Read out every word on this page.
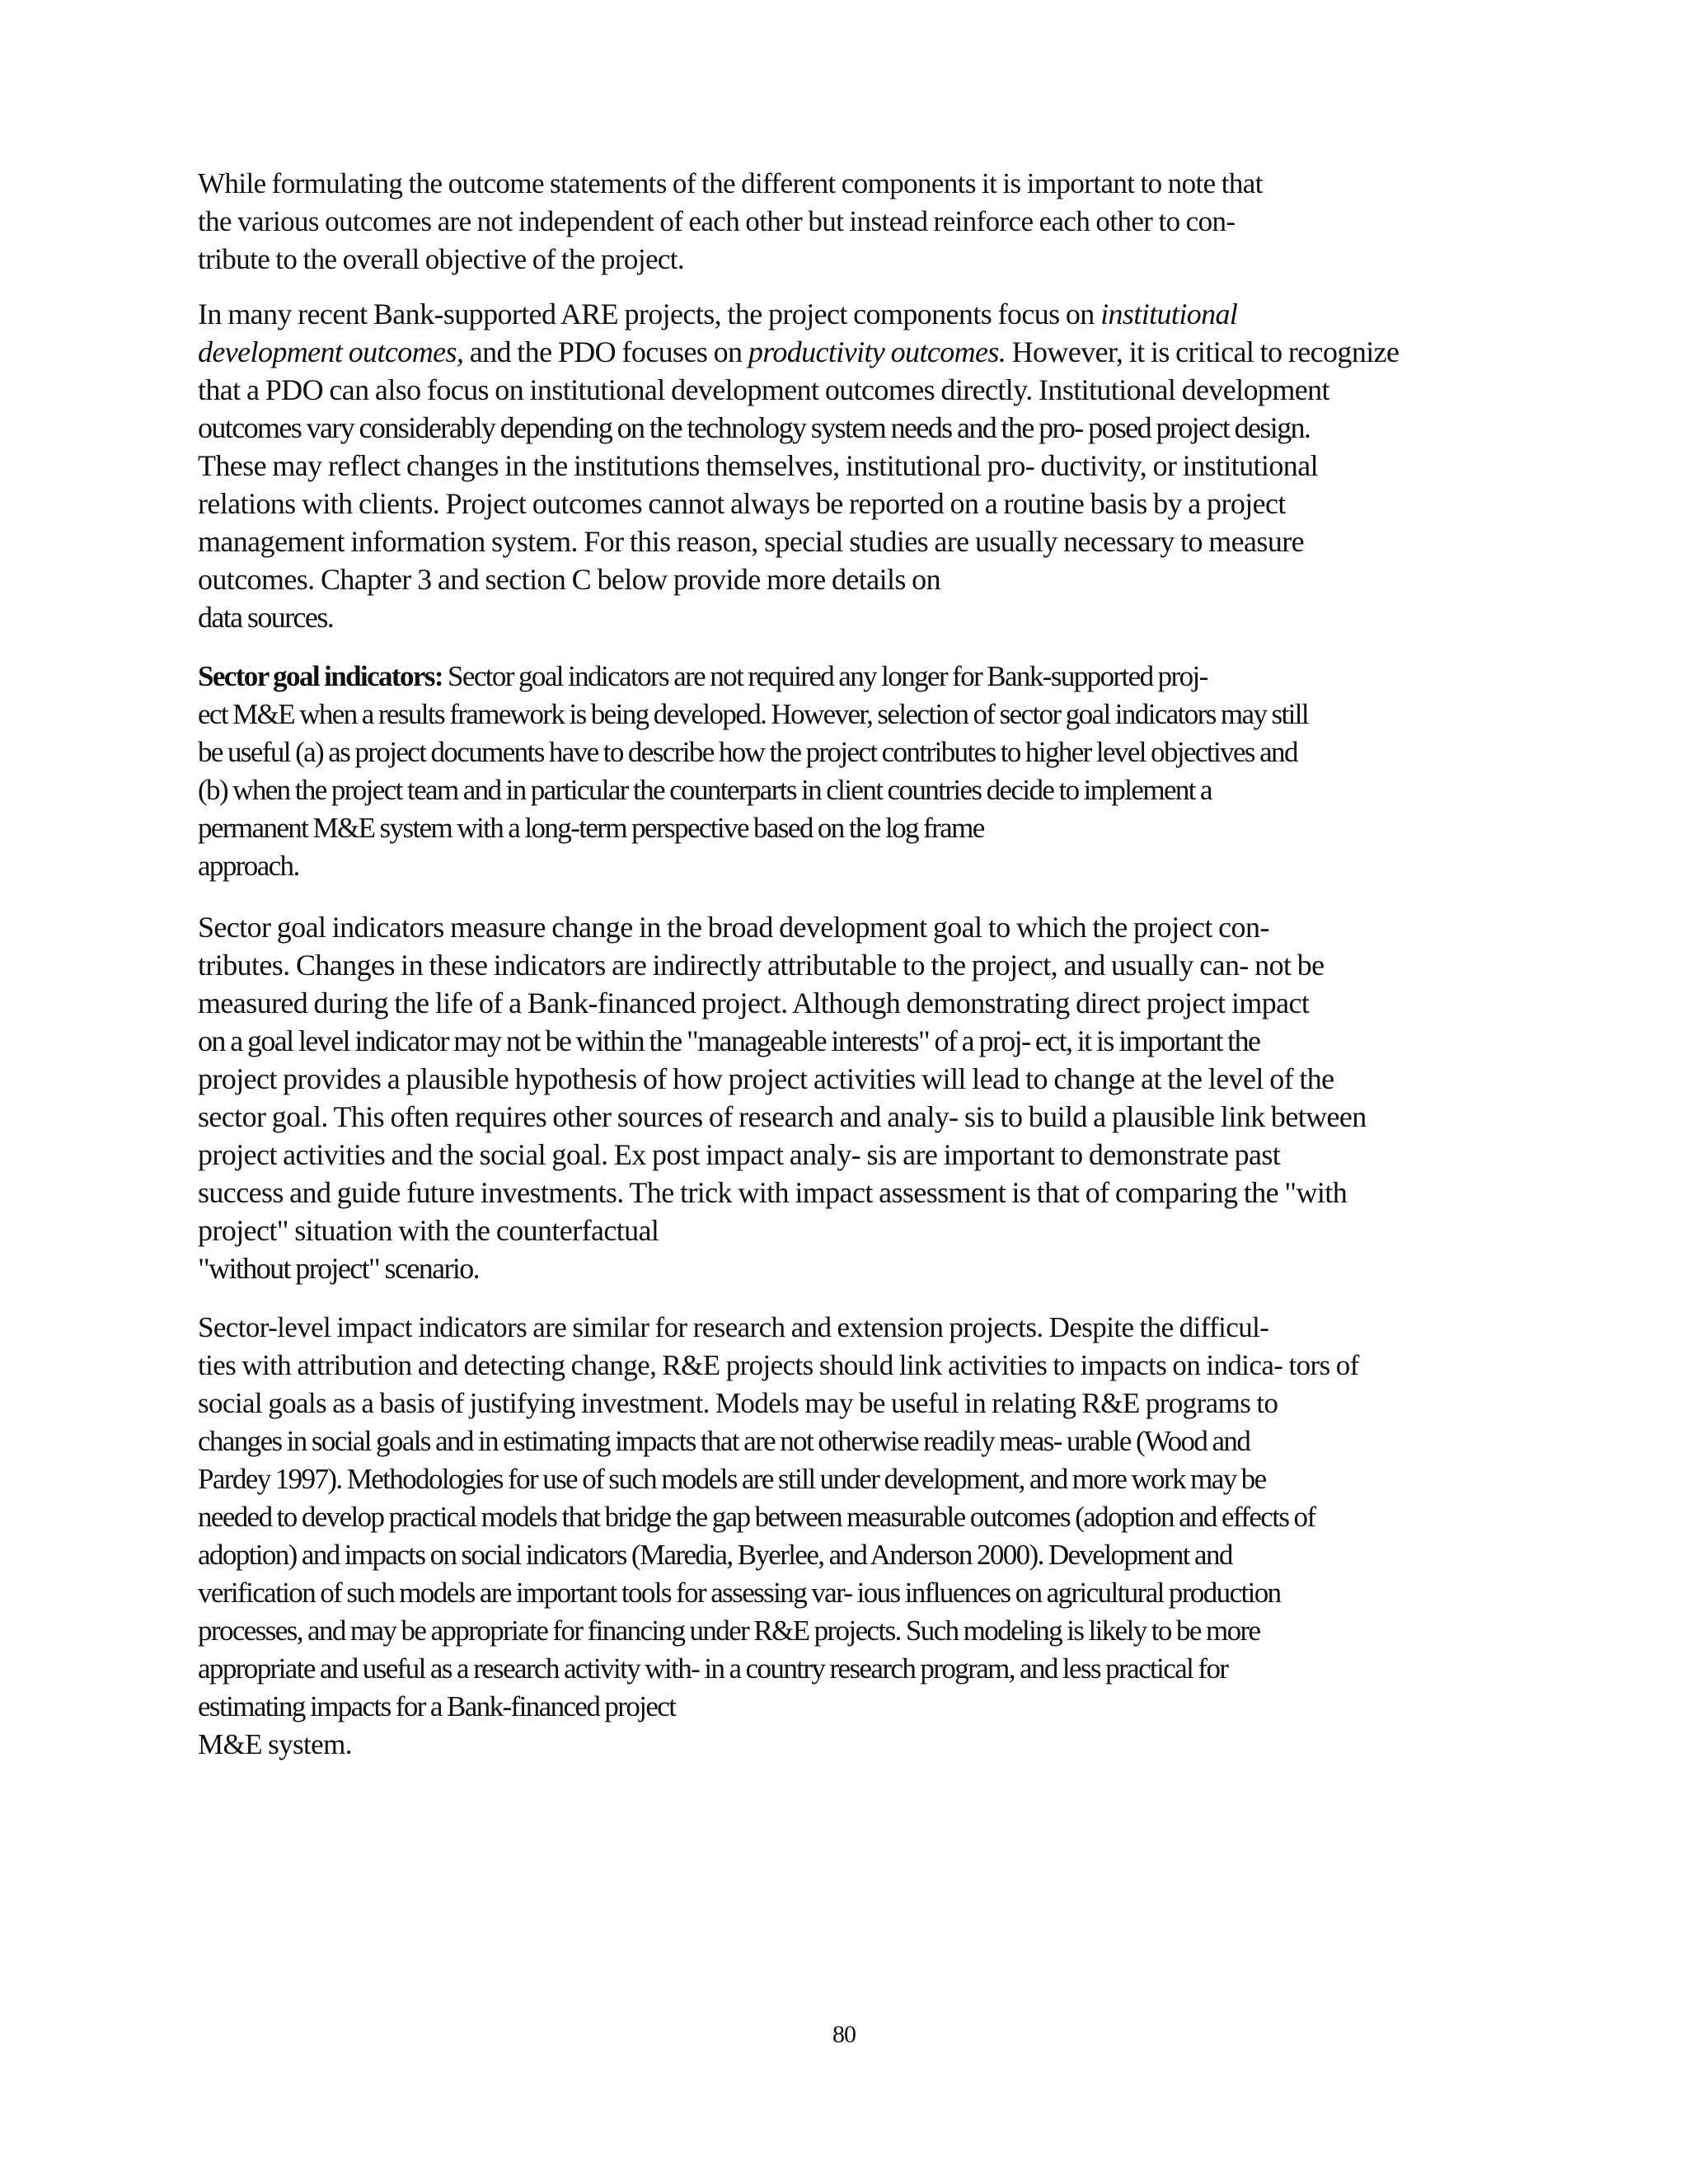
While formulating the outcome statements of the different components it is important to note that
the various outcomes are not independent of each other but instead reinforce each other to con-
tribute to the overall objective of the project.
In many recent Bank-supported ARE projects, the project components focus on institutional
development outcomes, and the PDO focuses on productivity outcomes. However, it is critical to recognize
that a PDO can also focus on institutional development outcomes directly. Institutional development
outcomes vary considerably depending on the technology system needs and the pro- posed project design.
These may reflect changes in the institutions themselves, institutional pro- ductivity, or institutional
relations with clients. Project outcomes cannot always be reported on a routine basis by a project
management information system. For this reason, special studies are usually necessary to measure
outcomes. Chapter 3 and section C below provide more details on
data sources.
Sector goal indicators: Sector goal indicators are not required any longer for Bank-supported proj-
ect M&E when a results framework is being developed. However, selection of sector goal indicators may still
be useful (a) as project documents have to describe how the project contributes to higher level objectives and
(b) when the project team and in particular the counterparts in client countries decide to implement a
permanent M&E system with a long-term perspective based on the log frame
approach.
Sector goal indicators measure change in the broad development goal to which the project con-
tributes. Changes in these indicators are indirectly attributable to the project, and usually can- not be
measured during the life of a Bank-financed project. Although demonstrating direct project impact
on a goal level indicator may not be within the "manageable interests" of a proj- ect, it is important the
project provides a plausible hypothesis of how project activities will lead to change at the level of the
sector goal. This often requires other sources of research and analy- sis to build a plausible link between
project activities and the social goal. Ex post impact analy- sis are important to demonstrate past
success and guide future investments. The trick with impact assessment is that of comparing the "with
project" situation with the counterfactual
"without project" scenario.
Sector-level impact indicators are similar for research and extension projects. Despite the difficul-
ties with attribution and detecting change, R&E projects should link activities to impacts on indica- tors of
social goals as a basis of justifying investment. Models may be useful in relating R&E programs to
changes in social goals and in estimating impacts that are not otherwise readily meas- urable (Wood and
Pardey 1997). Methodologies for use of such models are still under development, and more work may be
needed to develop practical models that bridge the gap between measurable outcomes (adoption and effects of
adoption) and impacts on social indicators (Maredia, Byerlee, and Anderson 2000). Development and
verification of such models are important tools for assessing var- ious influences on agricultural production
processes, and may be appropriate for financing under R&E projects. Such modeling is likely to be more
appropriate and useful as a research activity with- in a country research program, and less practical for
estimating impacts for a Bank-financed project
M&E system.
80
